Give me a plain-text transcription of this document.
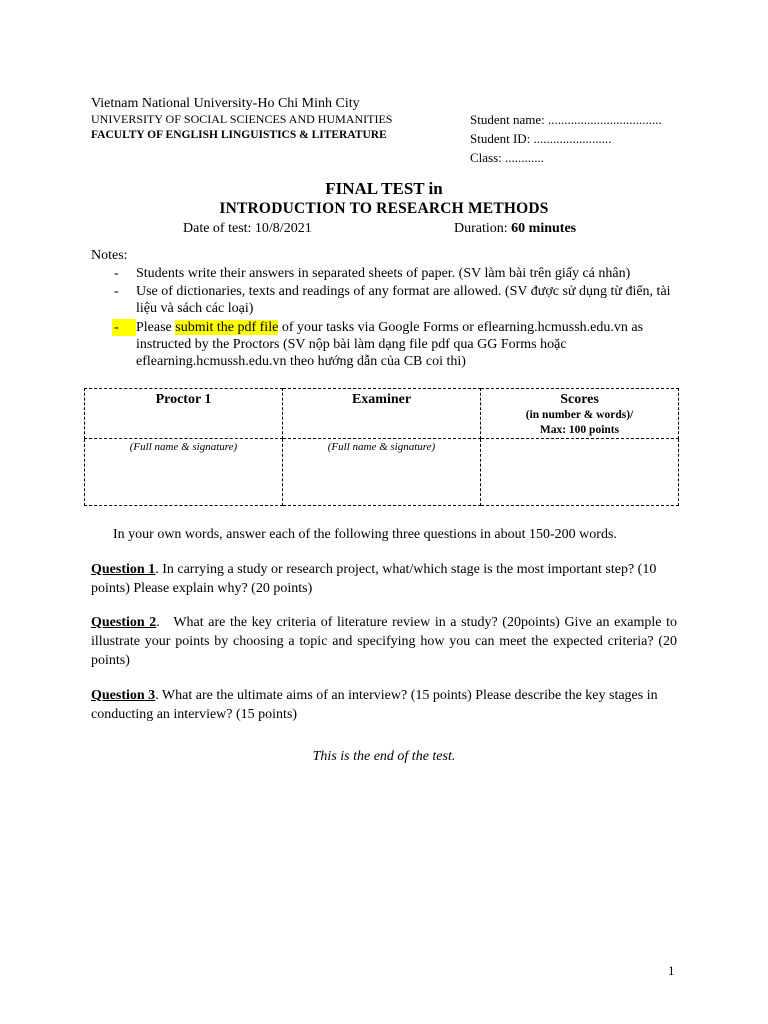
Vietnam National University-Ho Chi Minh City
UNIVERSITY OF SOCIAL SCIENCES AND HUMANITIES
FACULTY OF ENGLISH LINGUISTICS & LITERATURE
Student name: ...................................
Student ID: ........................
Class: ............
FINAL TEST in
INTRODUCTION TO RESEARCH METHODS
Date of test: 10/8/2021	Duration: 60 minutes
Notes:
-	Students write their answers in separated sheets of paper. (SV làm bài trên giấy cá nhân)
-	Use of dictionaries, texts and readings of any format are allowed. (SV được sử dụng từ điển, tài liệu và sách các loại)
-	Please submit the pdf file of your tasks via Google Forms or eflearning.hcmussh.edu.vn as instructed by the Proctors (SV nộp bài làm dạng file pdf qua GG Forms hoặc eflearning.hcmussh.edu.vn theo hướng dẫn của CB coi thi)
Proctor 1	Examiner	Scores
(in number & words)/
Max: 100 points

(Full name & signature)	(Full name & signature)	

In your own words, answer each of the following three questions in about 150-200 words.
Question 1. In carrying a study or research project, what/which stage is the most important step? (10 points) Please explain why? (20 points)
Question 2.   What are the key criteria of literature review in a study? (20points) Give an example to illustrate your points by choosing a topic and specifying how you can meet the expected criteria? (20 points)
Question 3. What are the ultimate aims of an interview? (15 points) Please describe the key stages in conducting an interview? (15 points)
This is the end of the test.
1
